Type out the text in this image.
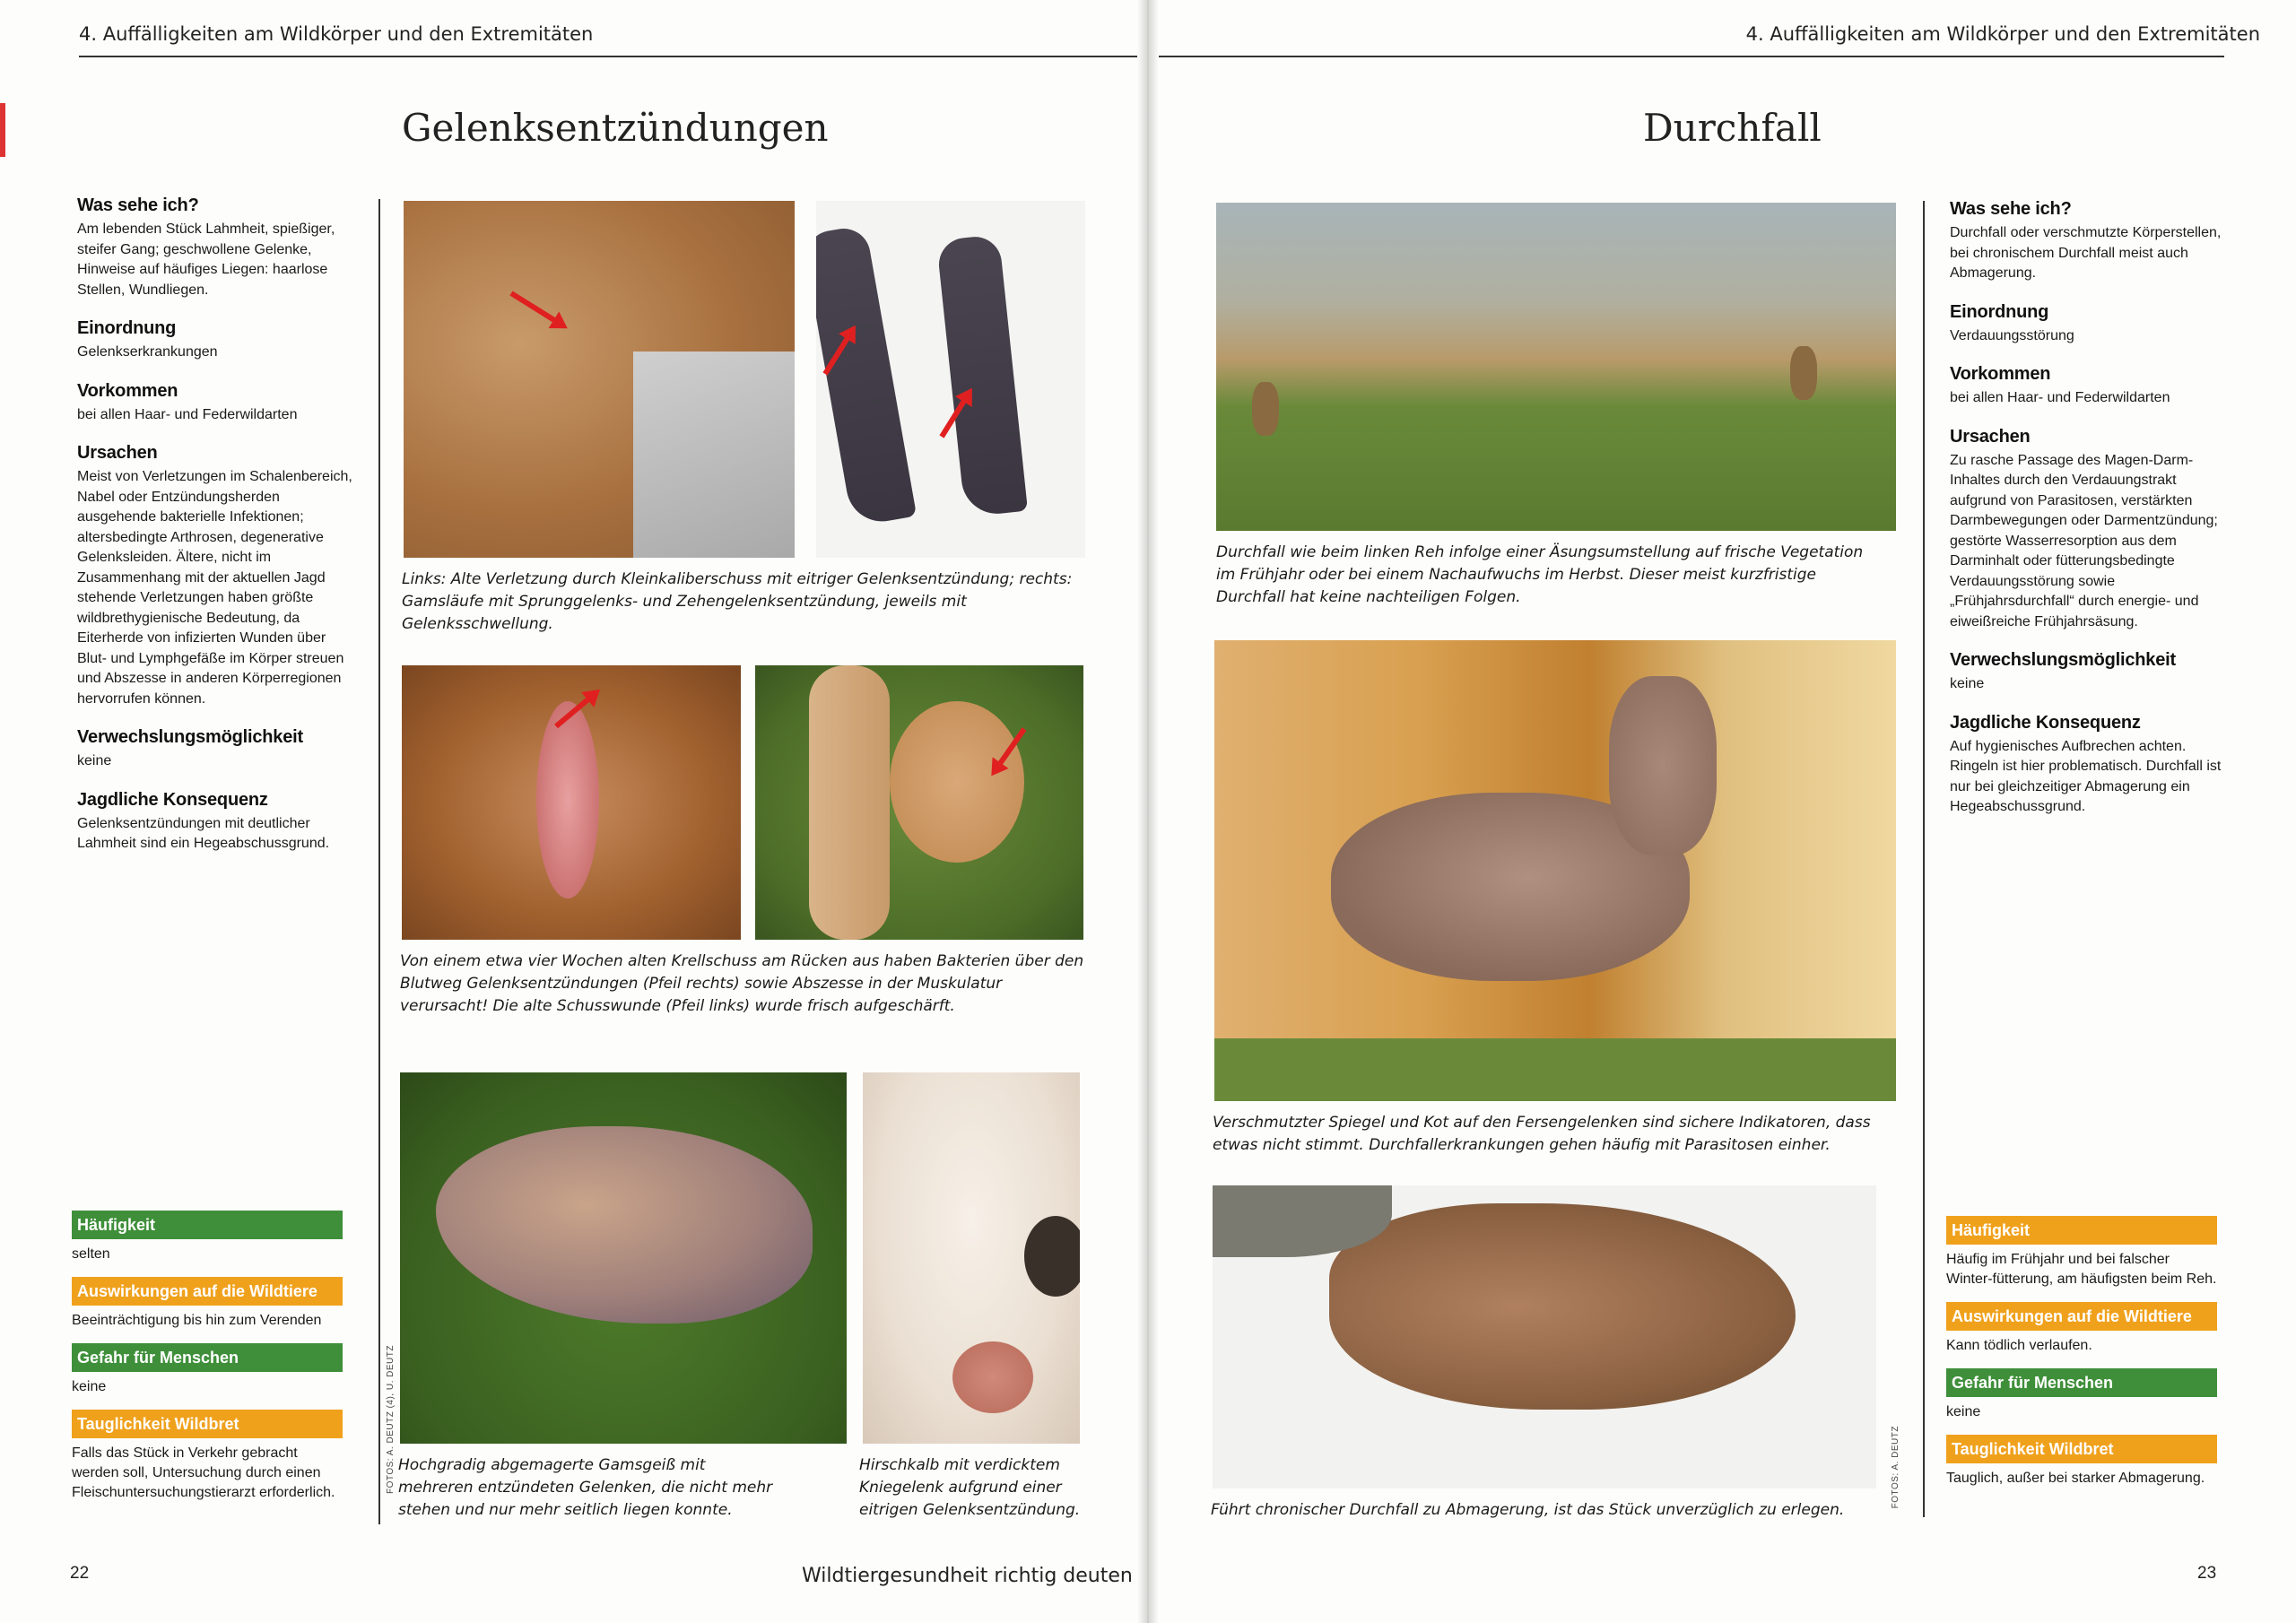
4. Auffälligkeiten am Wildkörper und den Extremitäten
Gelenksentzündungen
Was sehe ich?

Am lebenden Stück Lahmheit, spießiger, steifer Gang; geschwollene Gelenke, Hinweise auf häufiges Liegen: haarlose Stellen, Wundliegen.

Einordnung

Gelenkserkrankungen

Vorkommen

bei allen Haar- und Federwildarten

Ursachen

Meist von Verletzungen im Schalenbereich, Nabel oder Entzündungsherden ausgehende bakterielle Infektionen; altersbedingte Arthrosen, degenerative Gelenksleiden. Ältere, nicht im Zusammenhang mit der aktuellen Jagd stehende Verletzungen haben größte wildbrethygienische Bedeutung, da Eiterherde von infizierten Wunden über Blut- und Lymphgefäße im Körper streuen und Abszesse in anderen Körperregionen hervorrufen können.

Verwechslungsmöglichkeit

keine

Jagdliche Konsequenz

Gelenksentzündungen mit deutlicher Lahmheit sind ein Hegeabschussgrund.

Links: Alte Verletzung durch Kleinkaliberschuss mit eitriger Gelenksentzündung; rechts: Gamsläufe mit Sprunggelenks- und Zehengelenksentzündung, jeweils mit Gelenksschwellung.
Von einem etwa vier Wochen alten Krellschuss am Rücken aus haben Bakterien über den Blutweg Gelenksentzündungen (Pfeil rechts) sowie Abszesse in der Muskulatur verursacht! Die alte Schusswunde (Pfeil links) wurde frisch aufgeschärft.
FOTOS: A. DEUTZ (4), U. DEUTZ Hochgradig abgemagerte Gamsgeiß mit mehreren entzündeten Gelenken, die nicht mehr stehen und nur mehr seitlich liegen konnte.
Hirschkalb mit verdicktem Kniegelenk aufgrund einer eitrigen Gelenksentzündung.
Häufigkeit
selten
Auswirkungen auf die Wildtiere
Beeinträchtigung bis hin zum Verenden
Gefahr für Menschen
keine
Tauglichkeit Wildbret
Falls das Stück in Verkehr gebracht werden soll, Untersuchung durch einen Fleischuntersuchungstierarzt erforderlich.
22	Wildtiergesundheit richtig deuten
4. Auffälligkeiten am Wildkörper und den Extremitäten
Durchfall
Durchfall wie beim linken Reh infolge einer Äsungsumstellung auf frische Vegetation im Frühjahr oder bei einem Nachaufwuchs im Herbst. Dieser meist kurzfristige Durchfall hat keine nachteiligen Folgen.
Verschmutzter Spiegel und Kot auf den Fersengelenken sind sichere Indikatoren, dass etwas nicht stimmt. Durchfallerkrankungen gehen häufig mit Parasitosen einher.
FOTOS: A. DEUTZ
Führt chronischer Durchfall zu Abmagerung, ist das Stück unverzüglich zu erlegen.
Was sehe ich?

Durchfall oder verschmutzte Körperstellen, bei chronischem Durchfall meist auch Abmagerung.

Einordnung

Verdauungsstörung

Vorkommen

bei allen Haar- und Federwildarten

Ursachen

Zu rasche Passage des Magen-Darm-Inhaltes durch den Verdauungstrakt aufgrund von Parasitosen, verstärkten Darmbewegungen oder Darmentzündung; gestörte Wasserresorption aus dem Darminhalt oder fütterungsbedingte Verdauungsstörung sowie „Frühjahrsdurchfall“ durch energie- und eiweißreiche Frühjahrsäsung.

Verwechslungsmöglichkeit

keine

Jagdliche Konsequenz

Auf hygienisches Aufbrechen achten. Ringeln ist hier problematisch. Durchfall ist nur bei gleichzeitiger Abmagerung ein Hegeabschussgrund.

Häufigkeit
Häufig im Frühjahr und bei falscher Winter-fütterung, am häufigsten beim Reh.
Auswirkungen auf die Wildtiere
Kann tödlich verlaufen.
Gefahr für Menschen
keine
Tauglichkeit Wildbret
Tauglich, außer bei starker Abmagerung.
23
